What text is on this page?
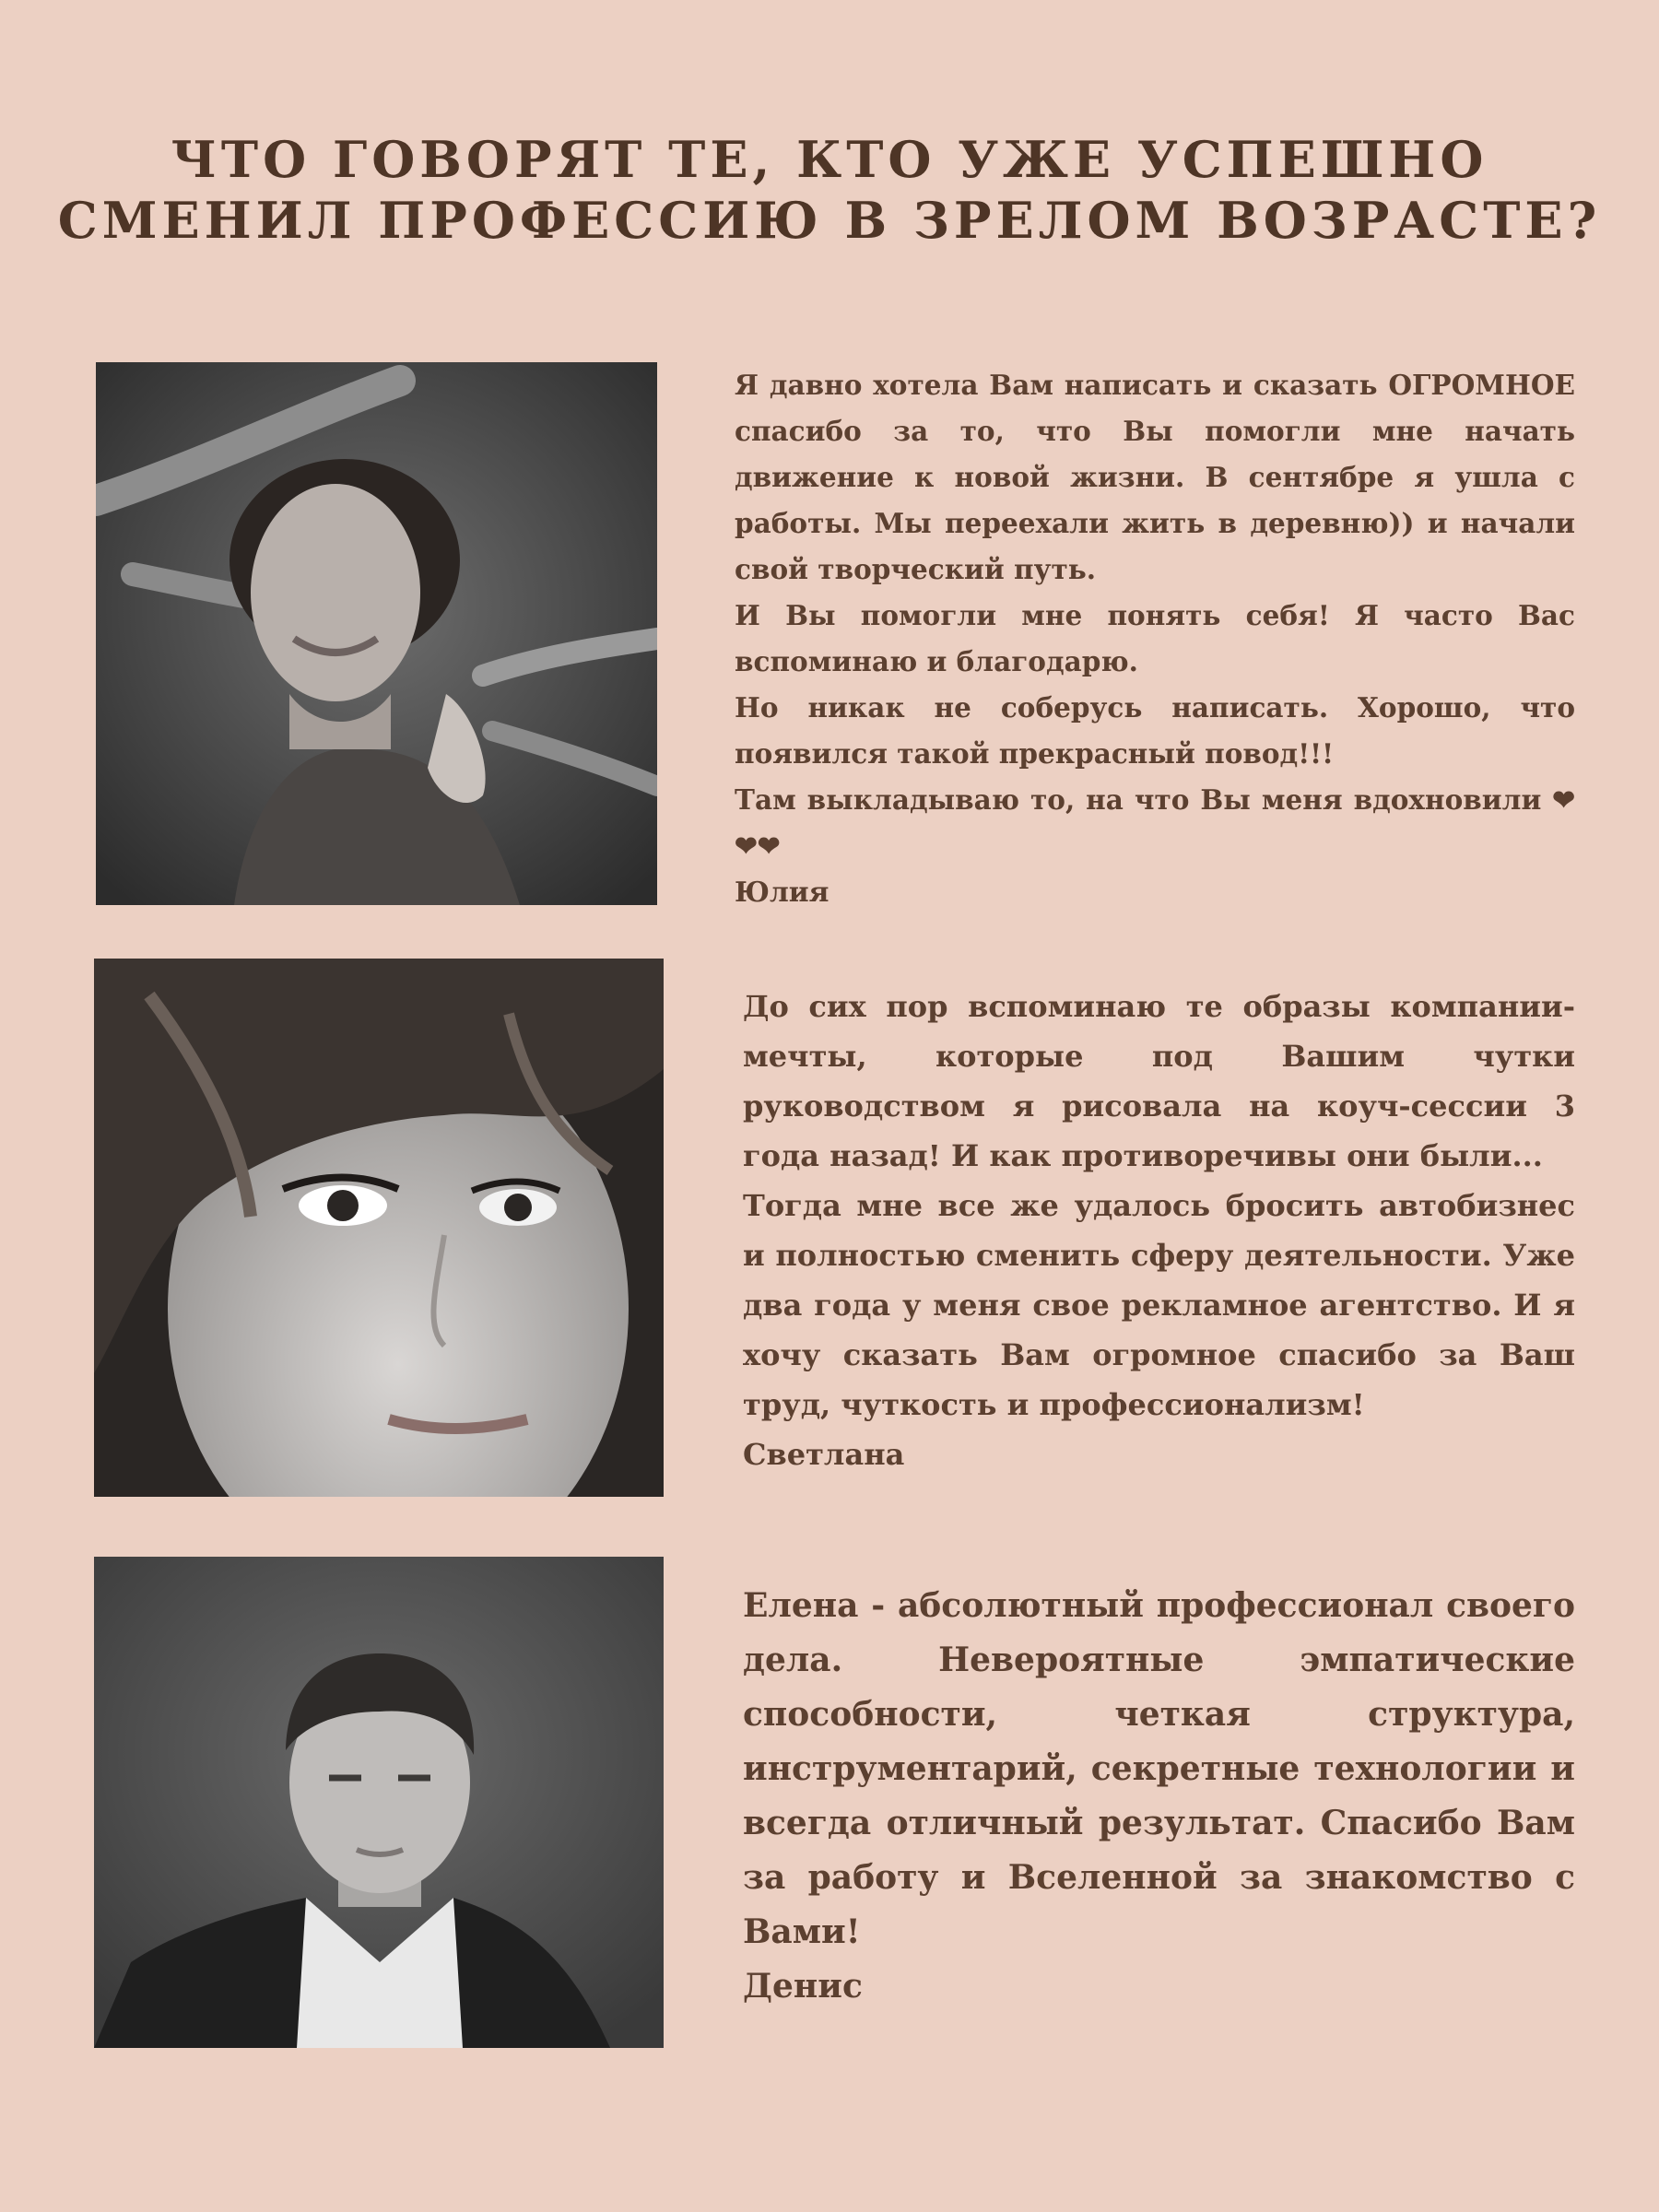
ЧТО ГОВОРЯТ ТЕ, КТО УЖЕ УСПЕШНО
СМЕНИЛ ПРОФЕССИЮ В ЗРЕЛОМ ВОЗРАСТЕ?

Я давно хотела Вам написать и сказать ОГРОМНОЕ спасибо за то, что Вы помогли мне начать движение к новой жизни. В сентябре я ушла с работы. Мы переехали жить в деревню)) и начали свой творческий путь.

И Вы помогли мне понять себя! Я часто Вас вспоминаю и благодарю.

Но никак не соберусь написать. Хорошо, что появился такой прекрасный повод!!!

Там выкладываю то, на что Вы меня вдохновили ❤ ❤❤

Юлия

До сих пор вспоминаю те образы компании-мечты, которые под Вашим чутки руководством я рисовала на коуч-сессии 3 года назад! И как противоречивы они были...

Тогда мне все же удалось бросить автобизнес и полностью сменить сферу деятельности. Уже два года у меня свое рекламное агентство. И я хочу сказать Вам огромное спасибо за Ваш труд, чуткость и профессионализм!

Светлана

Елена - абсолютный профессионал своего дела. Невероятные эмпатические способности, четкая структура, инструментарий, секретные технологии и всегда отличный результат. Спасибо Вам за работу и Вселенной за знакомство с Вами!

Денис
